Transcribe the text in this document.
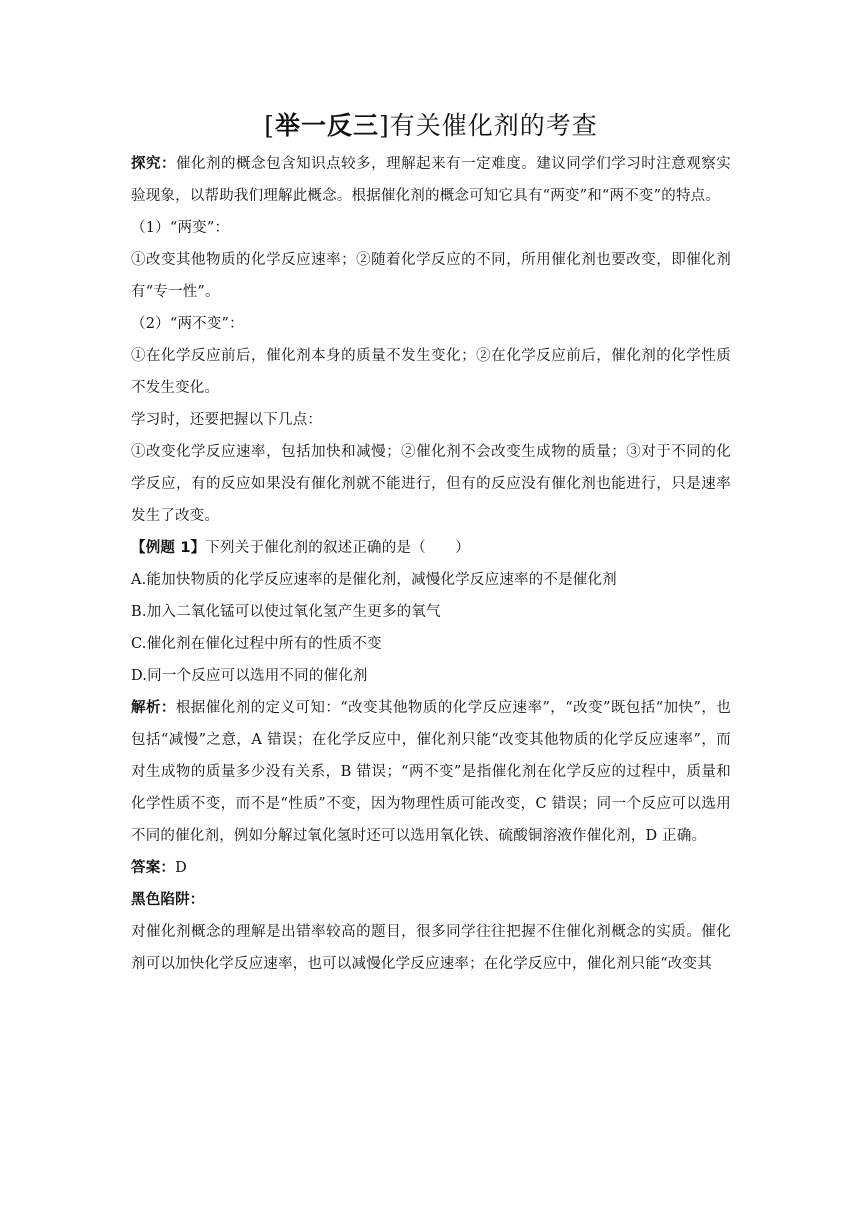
[举一反三]有关催化剂的考查

探究：催化剂的概念包含知识点较多，理解起来有一定难度。建议同学们学习时注意观察实验现象，以帮助我们理解此概念。根据催化剂的概念可知它具有“两变”和“两不变”的特点。

（1）“两变”：

①改变其他物质的化学反应速率；②随着化学反应的不同，所用催化剂也要改变，即催化剂有“专一性”。

（2）“两不变”：

①在化学反应前后，催化剂本身的质量不发生变化；②在化学反应前后，催化剂的化学性质不发生变化。

学习时，还要把握以下几点：

①改变化学反应速率，包括加快和减慢；②催化剂不会改变生成物的质量；③对于不同的化学反应，有的反应如果没有催化剂就不能进行，但有的反应没有催化剂也能进行，只是速率发生了改变。

【例题 1】下列关于催化剂的叙述正确的是（　　）

A.能加快物质的化学反应速率的是催化剂，减慢化学反应速率的不是催化剂

B.加入二氧化锰可以使过氧化氢产生更多的氧气

C.催化剂在催化过程中所有的性质不变

D.同一个反应可以选用不同的催化剂

解析：根据催化剂的定义可知：“改变其他物质的化学反应速率”，“改变”既包括“加快”，也包括“减慢”之意，A 错误；在化学反应中，催化剂只能“改变其他物质的化学反应速率”，而对生成物的质量多少没有关系，B 错误；“两不变”是指催化剂在化学反应的过程中，质量和化学性质不变，而不是“性质”不变，因为物理性质可能改变，C 错误；同一个反应可以选用不同的催化剂，例如分解过氧化氢时还可以选用氧化铁、硫酸铜溶液作催化剂，D 正确。

答案：D

黑色陷阱：

对催化剂概念的理解是出错率较高的题目，很多同学往往把握不住催化剂概念的实质。催化剂可以加快化学反应速率，也可以减慢化学反应速率；在化学反应中，催化剂只能“改变其
